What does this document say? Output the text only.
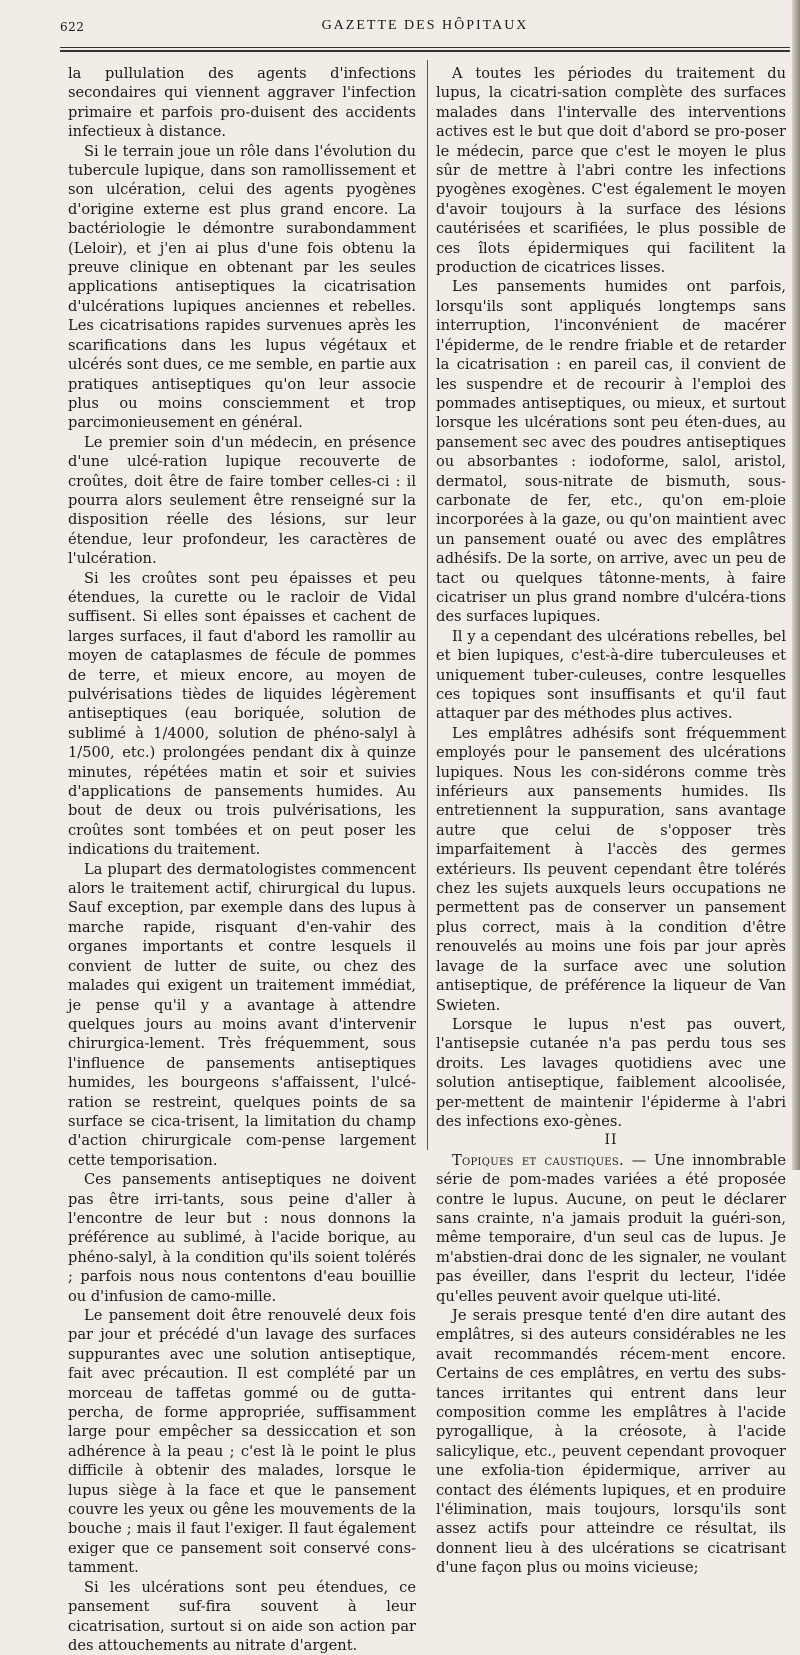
622	GAZETTE DES HÔPITAUX

la pullulation des agents d'infections secondaires qui viennent aggraver l'infection primaire et parfois pro-duisent des accidents infectieux à distance.

Si le terrain joue un rôle dans l'évolution du tubercule lupique, dans son ramollissement et son ulcération, celui des agents pyogènes d'origine externe est plus grand encore. La bactériologie le démontre surabondamment (Leloir), et j'en ai plus d'une fois obtenu la preuve clinique en obtenant par les seules applications antiseptiques la cicatrisation d'ulcérations lupiques anciennes et rebelles. Les cicatrisations rapides survenues après les scarifications dans les lupus végétaux et ulcérés sont dues, ce me semble, en partie aux pratiques antiseptiques qu'on leur associe plus ou moins consciemment et trop parcimonieusement en général.

Le premier soin d'un médecin, en présence d'une ulcé-ration lupique recouverte de croûtes, doit être de faire tomber celles-ci : il pourra alors seulement être renseigné sur la disposition réelle des lésions, sur leur étendue, leur profondeur, les caractères de l'ulcération.

Si les croûtes sont peu épaisses et peu étendues, la curette ou le racloir de Vidal suffisent. Si elles sont épaisses et cachent de larges surfaces, il faut d'abord les ramollir au moyen de cataplasmes de fécule de pommes de terre, et mieux encore, au moyen de pulvérisations tièdes de liquides légèrement antiseptiques (eau boriquée, solution de sublimé à 1/4000, solution de phéno-salyl à 1/500, etc.) prolongées pendant dix à quinze minutes, répétées matin et soir et suivies d'applications de pansements humides. Au bout de deux ou trois pulvérisations, les croûtes sont tombées et on peut poser les indications du traitement.

La plupart des dermatologistes commencent alors le traitement actif, chirurgical du lupus. Sauf exception, par exemple dans des lupus à marche rapide, risquant d'en-vahir des organes importants et contre lesquels il convient de lutter de suite, ou chez des malades qui exigent un traitement immédiat, je pense qu'il y a avantage à attendre quelques jours au moins avant d'intervenir chirurgica-lement. Très fréquemment, sous l'influence de pansements antiseptiques humides, les bourgeons s'affaissent, l'ulcé-ration se restreint, quelques points de sa surface se cica-trisent, la limitation du champ d'action chirurgicale com-pense largement cette temporisation.

Ces pansements antiseptiques ne doivent pas être irri-tants, sous peine d'aller à l'encontre de leur but : nous donnons la préférence au sublimé, à l'acide borique, au phéno-salyl, à la condition qu'ils soient tolérés ; parfois nous nous contentons d'eau bouillie ou d'infusion de camo-mille.

Le pansement doit être renouvelé deux fois par jour et précédé d'un lavage des surfaces suppurantes avec une solution antiseptique, fait avec précaution. Il est complété par un morceau de taffetas gommé ou de gutta-percha, de forme appropriée, suffisamment large pour empêcher sa dessiccation et son adhérence à la peau ; c'est là le point le plus difficile à obtenir des malades, lorsque le lupus siège à la face et que le pansement couvre les yeux ou gêne les mouvements de la bouche ; mais il faut l'exiger. Il faut également exiger que ce pansement soit conservé cons-tamment.

Si les ulcérations sont peu étendues, ce pansement suf-fira souvent à leur cicatrisation, surtout si on aide son action par des attouchements au nitrate d'argent.

A toutes les périodes du traitement du lupus, la cicatri-sation complète des surfaces malades dans l'intervalle des interventions actives est le but que doit d'abord se pro-poser le médecin, parce que c'est le moyen le plus sûr de mettre à l'abri contre les infections pyogènes exogènes. C'est également le moyen d'avoir toujours à la surface des lésions cautérisées et scarifiées, le plus possible de ces îlots épidermiques qui facilitent la production de cicatrices lisses.

Les pansements humides ont parfois, lorsqu'ils sont appliqués longtemps sans interruption, l'inconvénient de macérer l'épiderme, de le rendre friable et de retarder la cicatrisation : en pareil cas, il convient de les suspendre et de recourir à l'emploi des pommades antiseptiques, ou mieux, et surtout lorsque les ulcérations sont peu éten-dues, au pansement sec avec des poudres antiseptiques ou absorbantes : iodoforme, salol, aristol, dermatol, sous-nitrate de bismuth, sous-carbonate de fer, etc., qu'on em-ploie incorporées à la gaze, ou qu'on maintient avec un pansement ouaté ou avec des emplâtres adhésifs. De la sorte, on arrive, avec un peu de tact ou quelques tâtonne-ments, à faire cicatriser un plus grand nombre d'ulcéra-tions des surfaces lupiques.

Il y a cependant des ulcérations rebelles, bel et bien lupiques, c'est-à-dire tuberculeuses et uniquement tuber-culeuses, contre lesquelles ces topiques sont insuffisants et qu'il faut attaquer par des méthodes plus actives.

Les emplâtres adhésifs sont fréquemment employés pour le pansement des ulcérations lupiques. Nous les con-sidérons comme très inférieurs aux pansements humides. Ils entretiennent la suppuration, sans avantage autre que celui de s'opposer très imparfaitement à l'accès des germes extérieurs. Ils peuvent cependant être tolérés chez les sujets auxquels leurs occupations ne permettent pas de conserver un pansement plus correct, mais à la condition d'être renouvelés au moins une fois par jour après lavage de la surface avec une solution antiseptique, de préférence la liqueur de Van Swieten.

Lorsque le lupus n'est pas ouvert, l'antisepsie cutanée n'a pas perdu tous ses droits. Les lavages quotidiens avec une solution antiseptique, faiblement alcoolisée, per-mettent de maintenir l'épiderme à l'abri des infections exo-gènes.

II

Topiques et caustiques. — Une innombrable série de pom-mades variées a été proposée contre le lupus. Aucune, on peut le déclarer sans crainte, n'a jamais produit la guéri-son, même temporaire, d'un seul cas de lupus. Je m'abstien-drai donc de les signaler, ne voulant pas éveiller, dans l'esprit du lecteur, l'idée qu'elles peuvent avoir quelque uti-lité.

Je serais presque tenté d'en dire autant des emplâtres, si des auteurs considérables ne les avait recommandés récem-ment encore. Certains de ces emplâtres, en vertu des subs-tances irritantes qui entrent dans leur composition comme les emplâtres à l'acide pyrogallique, à la créosote, à l'acide salicylique, etc., peuvent cependant provoquer une exfolia-tion épidermique, arriver au contact des éléments lupiques, et en produire l'élimination, mais toujours, lorsqu'ils sont assez actifs pour atteindre ce résultat, ils donnent lieu à des ulcérations se cicatrisant d'une façon plus ou moins vicieuse;
